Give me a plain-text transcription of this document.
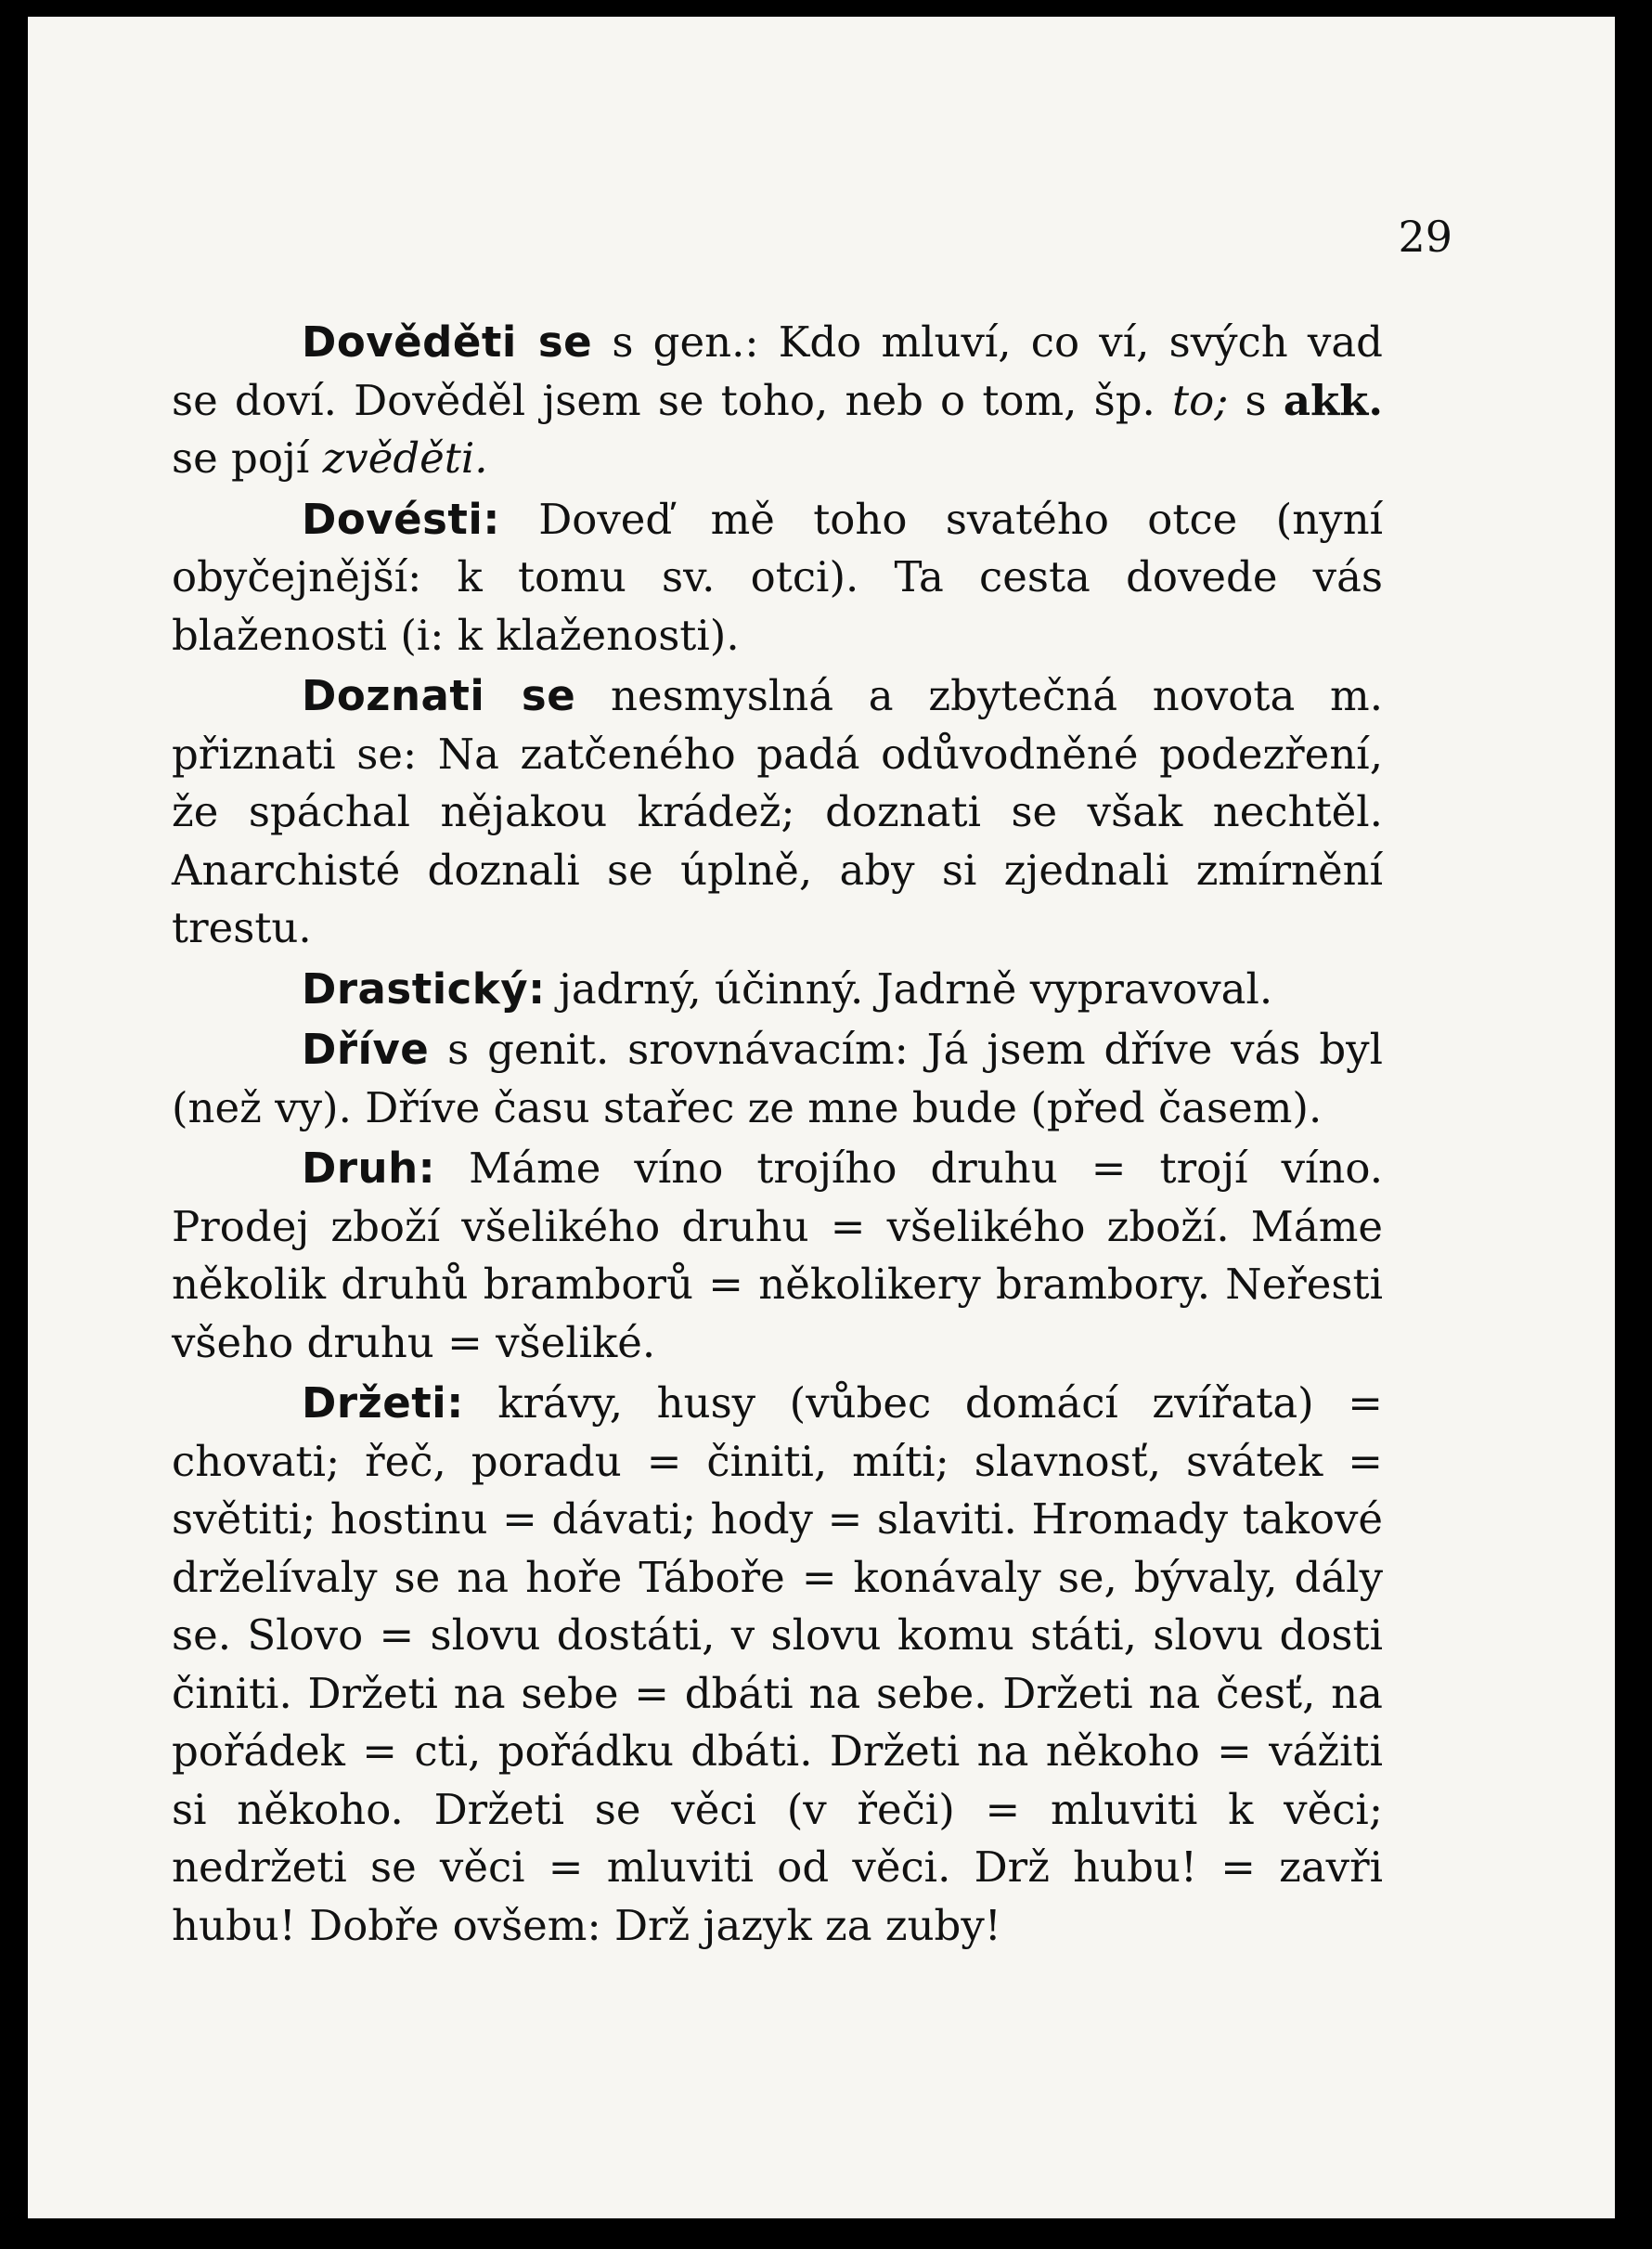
29

Dověděti se s gen.: Kdo mluví, co ví, svých vad se doví. Dověděl jsem se toho, neb o tom, šp. to; s akk. se pojí zvěděti.

Dovésti: Doveď mě toho svatého otce (nyní obyčejnější: k tomu sv. otci). Ta cesta dovede vás blaženosti (i: k klaženosti).

Doznati se nesmyslná a zbytečná novota m. přiznati se: Na zatčeného padá odůvodněné podezření, že spáchal nějakou krádež; doznati se však nechtěl. Anarchisté doznali se úplně, aby si zjednali zmírnění trestu.

Drastický: jadrný, účinný. Jadrně vypravoval.

Dříve s genit. srovnávacím: Já jsem dříve vás byl (než vy). Dříve času stařec ze mne bude (před časem).

Druh: Máme víno trojího druhu = trojí víno. Prodej zboží všelikého druhu = všelikého zboží. Máme několik druhů bramborů = několikery brambory. Neřesti všeho druhu = všeliké.

Držeti: krávy, husy (vůbec domácí zvířata) = chovati; řeč, poradu = činiti, míti; slavnosť, svátek = světiti; hostinu = dávati; hody = slaviti. Hromady takové drželívaly se na hoře Táboře = konávaly se, bývaly, dály se. Slovo = slovu dostáti, v slovu komu státi, slovu dosti činiti. Držeti na sebe = dbáti na sebe. Držeti na česť, na pořádek = cti, pořádku dbáti. Držeti na někoho = vážiti si někoho. Držeti se věci (v řeči) = mluviti k věci; nedržeti se věci = mluviti od věci. Drž hubu! = zavři hubu! Dobře ovšem: Drž jazyk za zuby!
